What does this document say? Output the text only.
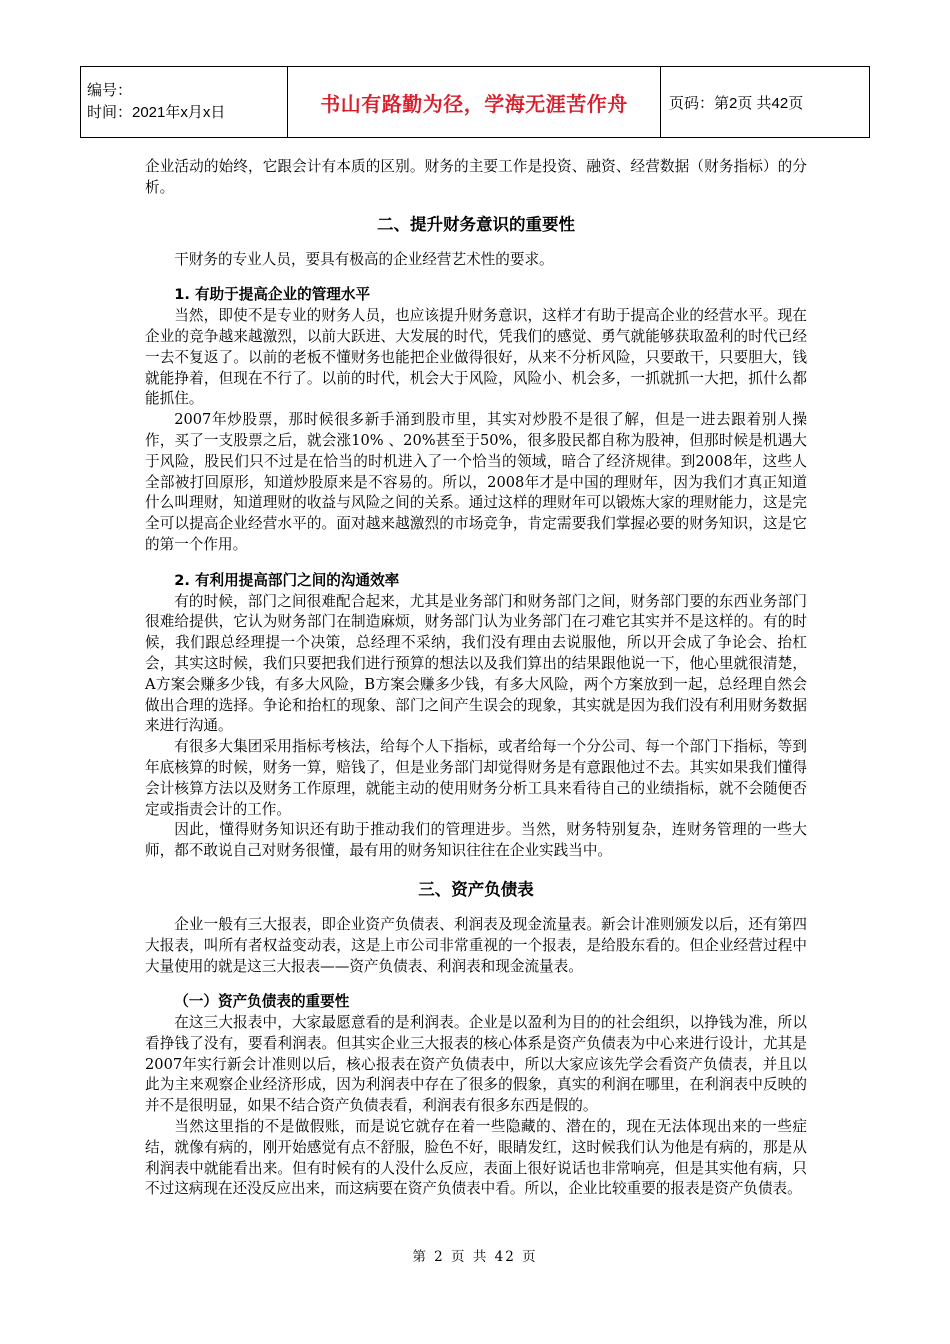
编号：
时间：2021年x月x日	书山有路勤为径，学海无涯苦作舟	页码：第2页 共42页

企业活动的始终，它跟会计有本质的区别。财务的主要工作是投资、融资、经营数据（财务指标）的分析。

二、提升财务意识的重要性

干财务的专业人员，要具有极高的企业经营艺术性的要求。

1. 有助于提高企业的管理水平

当然，即使不是专业的财务人员，也应该提升财务意识，这样才有助于提高企业的经营水平。现在企业的竞争越来越激烈，以前大跃进、大发展的时代，凭我们的感觉、勇气就能够获取盈利的时代已经一去不复返了。以前的老板不懂财务也能把企业做得很好，从来不分析风险，只要敢干，只要胆大，钱就能挣着，但现在不行了。以前的时代，机会大于风险，风险小、机会多，一抓就抓一大把，抓什么都能抓住。

2007年炒股票，那时候很多新手涌到股市里，其实对炒股不是很了解，但是一进去跟着别人操作，买了一支股票之后，就会涨10% 、20%甚至于50%，很多股民都自称为股神，但那时候是机遇大于风险，股民们只不过是在恰当的时机进入了一个恰当的领域，暗合了经济规律。到2008年，这些人全部被打回原形，知道炒股原来是不容易的。所以，2008年才是中国的理财年，因为我们才真正知道什么叫理财，知道理财的收益与风险之间的关系。通过这样的理财年可以锻炼大家的理财能力，这是完全可以提高企业经营水平的。面对越来越激烈的市场竞争，肯定需要我们掌握必要的财务知识，这是它的第一个作用。

2. 有利用提高部门之间的沟通效率

有的时候，部门之间很难配合起来，尤其是业务部门和财务部门之间，财务部门要的东西业务部门很难给提供，它认为财务部门在制造麻烦，财务部门认为业务部门在刁难它其实并不是这样的。有的时候，我们跟总经理提一个决策，总经理不采纳，我们没有理由去说服他，所以开会成了争论会、抬杠会，其实这时候，我们只要把我们进行预算的想法以及我们算出的结果跟他说一下，他心里就很清楚，A方案会赚多少钱，有多大风险，B方案会赚多少钱，有多大风险，两个方案放到一起，总经理自然会做出合理的选择。争论和抬杠的现象、部门之间产生误会的现象，其实就是因为我们没有利用财务数据来进行沟通。

有很多大集团采用指标考核法，给每个人下指标，或者给每一个分公司、每一个部门下指标，等到年底核算的时候，财务一算，赔钱了，但是业务部门却觉得财务是有意跟他过不去。其实如果我们懂得会计核算方法以及财务工作原理，就能主动的使用财务分析工具来看待自己的业绩指标，就不会随便否定或指责会计的工作。

因此，懂得财务知识还有助于推动我们的管理进步。当然，财务特别复杂，连财务管理的一些大师，都不敢说自己对财务很懂，最有用的财务知识往往在企业实践当中。

三、资产负债表

企业一般有三大报表，即企业资产负债表、利润表及现金流量表。新会计准则颁发以后，还有第四大报表，叫所有者权益变动表，这是上市公司非常重视的一个报表，是给股东看的。但企业经营过程中大量使用的就是这三大报表——资产负债表、利润表和现金流量表。

（一）资产负债表的重要性

在这三大报表中，大家最愿意看的是利润表。企业是以盈利为目的的社会组织，以挣钱为准，所以看挣钱了没有，要看利润表。但其实企业三大报表的核心体系是资产负债表为中心来进行设计，尤其是2007年实行新会计准则以后，核心报表在资产负债表中，所以大家应该先学会看资产负债表，并且以此为主来观察企业经济形成，因为利润表中存在了很多的假象，真实的利润在哪里，在利润表中反映的并不是很明显，如果不结合资产负债表看，利润表有很多东西是假的。

当然这里指的不是做假账，而是说它就存在着一些隐藏的、潜在的，现在无法体现出来的一些症结，就像有病的，刚开始感觉有点不舒服，脸色不好，眼睛发红，这时候我们认为他是有病的，那是从利润表中就能看出来。但有时候有的人没什么反应，表面上很好说话也非常响亮，但是其实他有病，只不过这病现在还没反应出来，而这病要在资产负债表中看。所以，企业比较重要的报表是资产负债表。

第 2 页 共 42 页
